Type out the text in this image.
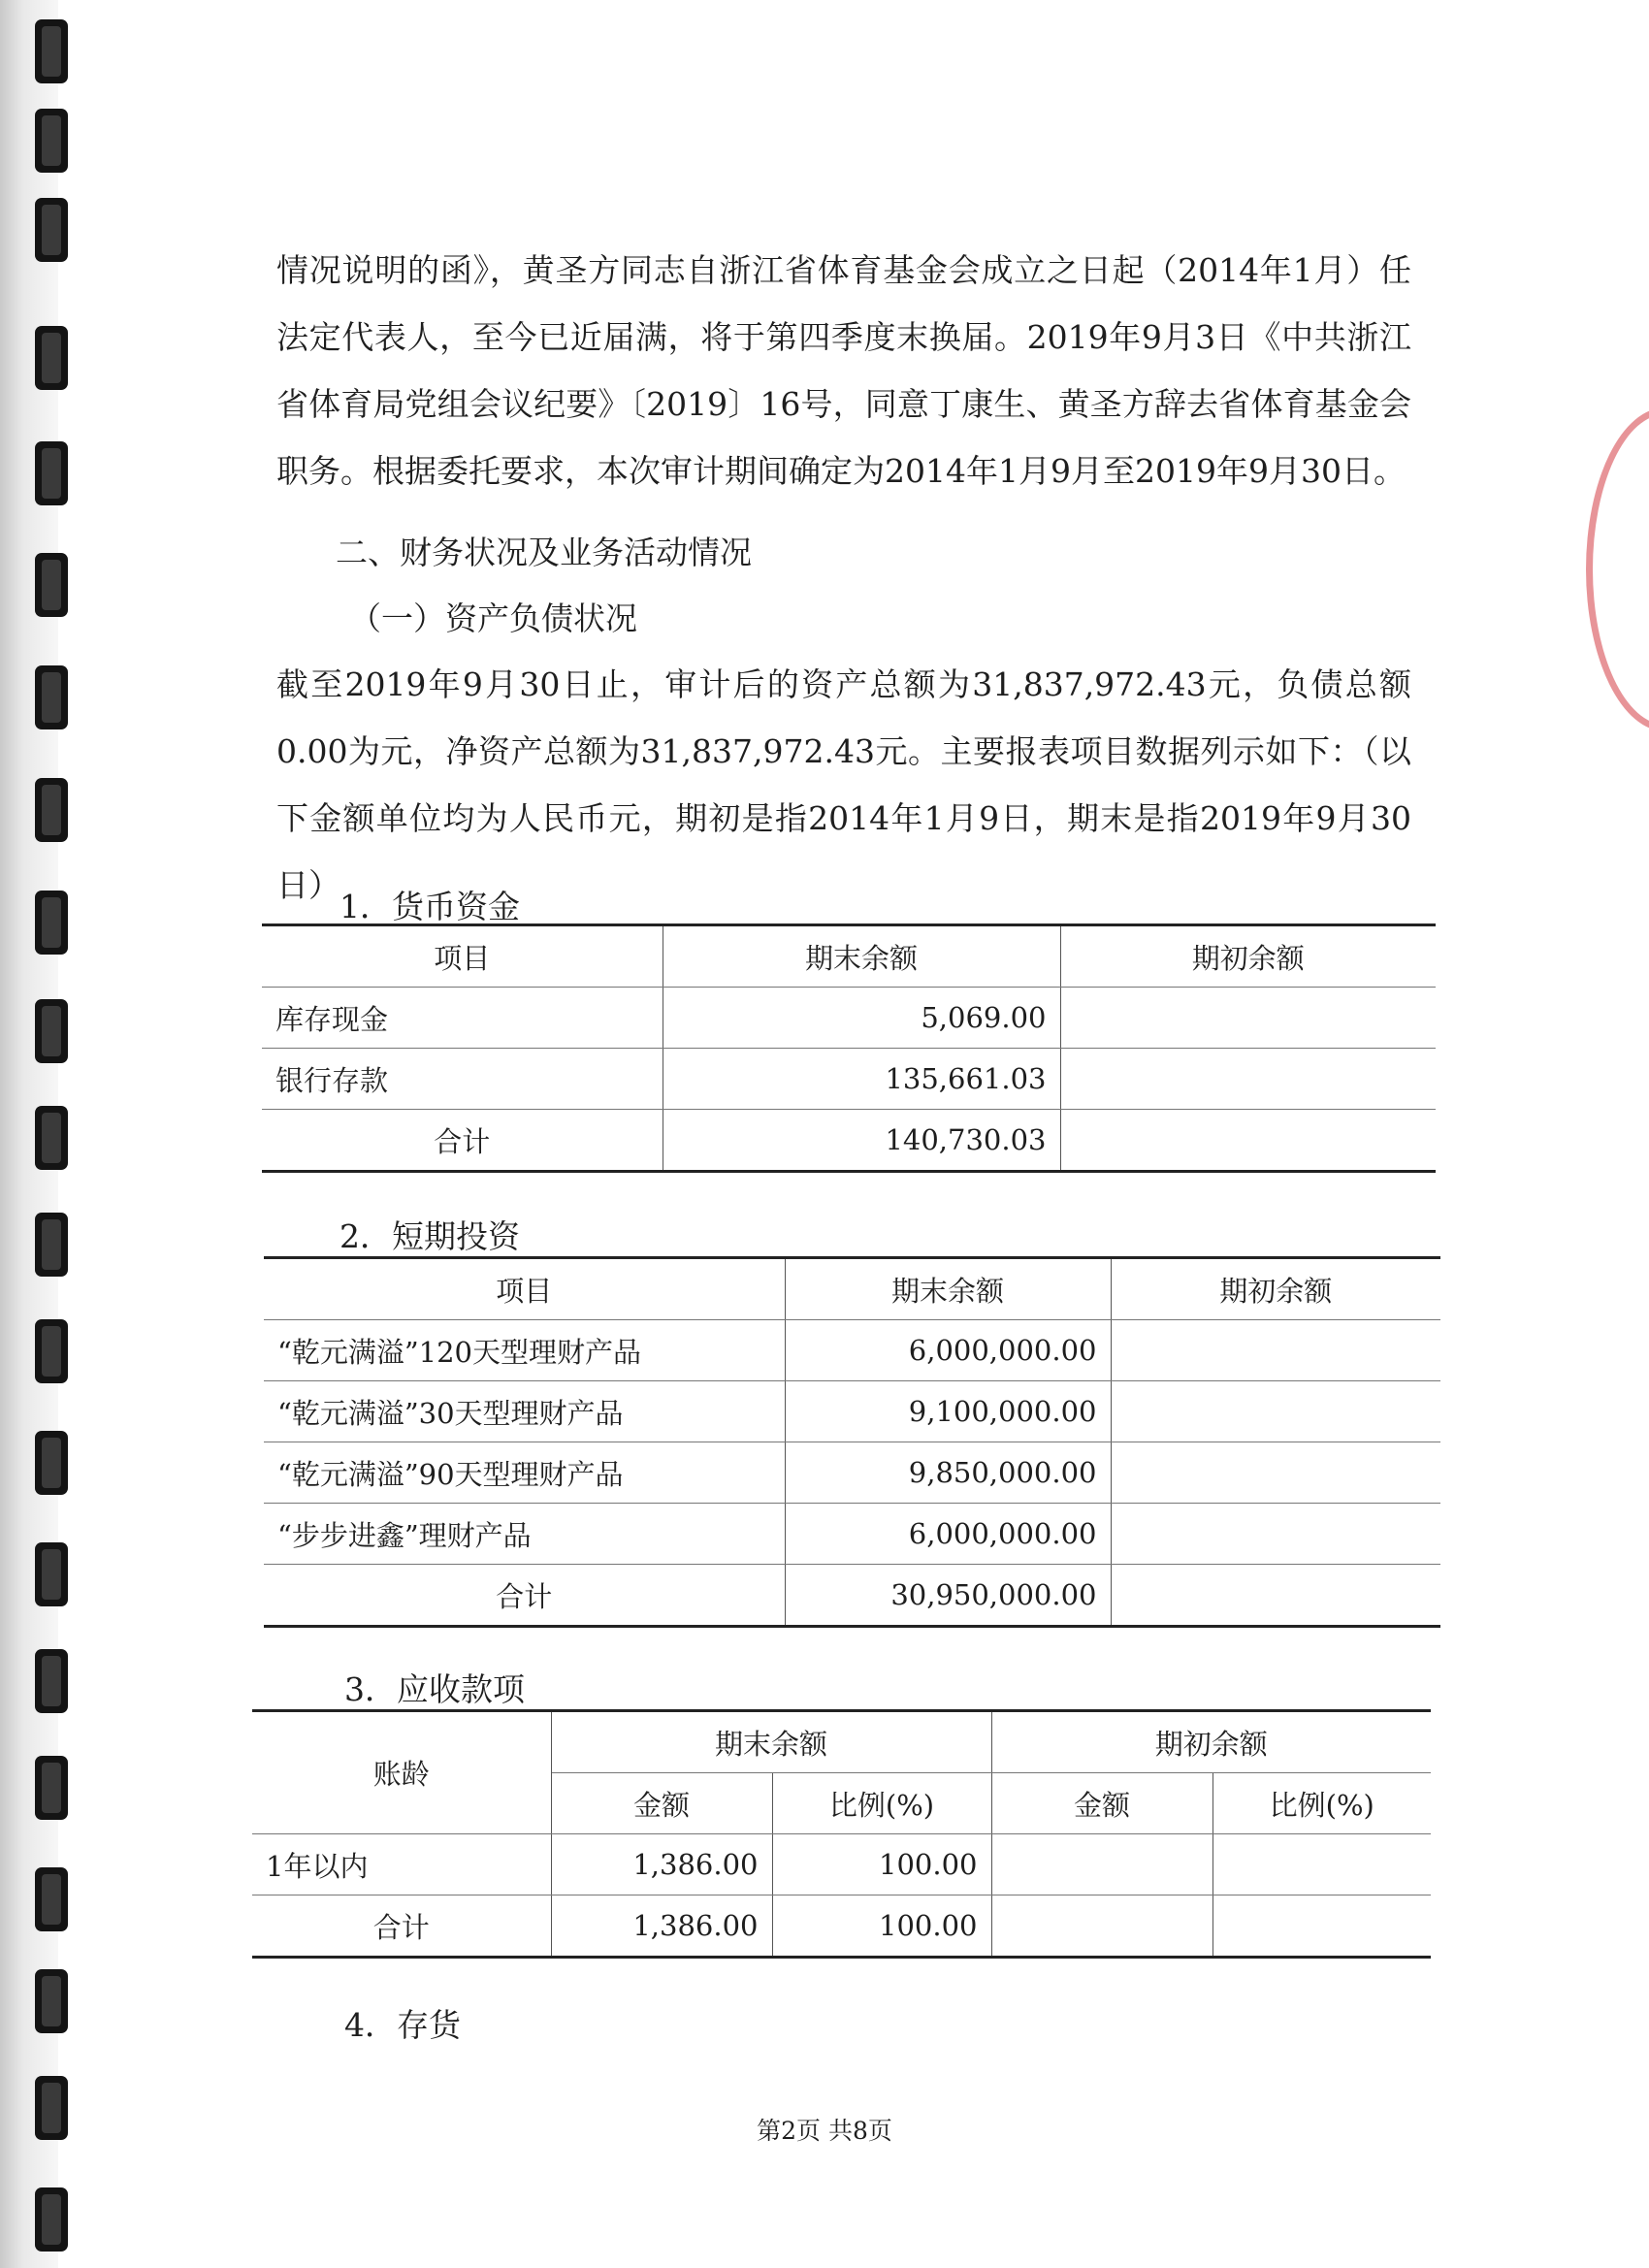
情况说明的函》，黄圣方同志自浙江省体育基金会成立之日起（2014年1月）任法定代表人，至今已近届满，将于第四季度末换届。2019年9月3日《中共浙江省体育局党组会议纪要》〔2019〕16号，同意丁康生、黄圣方辞去省体育基金会职务。根据委托要求，本次审计期间确定为2014年1月9月至2019年9月30日。

二、财务状况及业务活动情况
（一）资产负债状况

截至2019年9月30日止，审计后的资产总额为31,837,972.43元，负债总额0.00为元，净资产总额为31,837,972.43元。主要报表项目数据列示如下：（以下金额单位均为人民币元，期初是指2014年1月9日，期末是指2019年9月30日）

1．货币资金
项目	期末余额	期初余额
库存现金	5,069.00	
银行存款	135,661.03	
合计	140,730.03	
2．短期投资
项目	期末余额	期初余额
“乾元满溢”120天型理财产品	6,000,000.00	
“乾元满溢”30天型理财产品	9,100,000.00	
“乾元满溢”90天型理财产品	9,850,000.00	
“步步进鑫”理财产品	6,000,000.00	
合计	30,950,000.00	
3．应收款项
账龄	期末余额		期初余额	
	金额	比例(%)	金额	比例(%)
1年以内	1,386.00	100.00		
合计	1,386.00	100.00		
4．存货
第2页 共8页
